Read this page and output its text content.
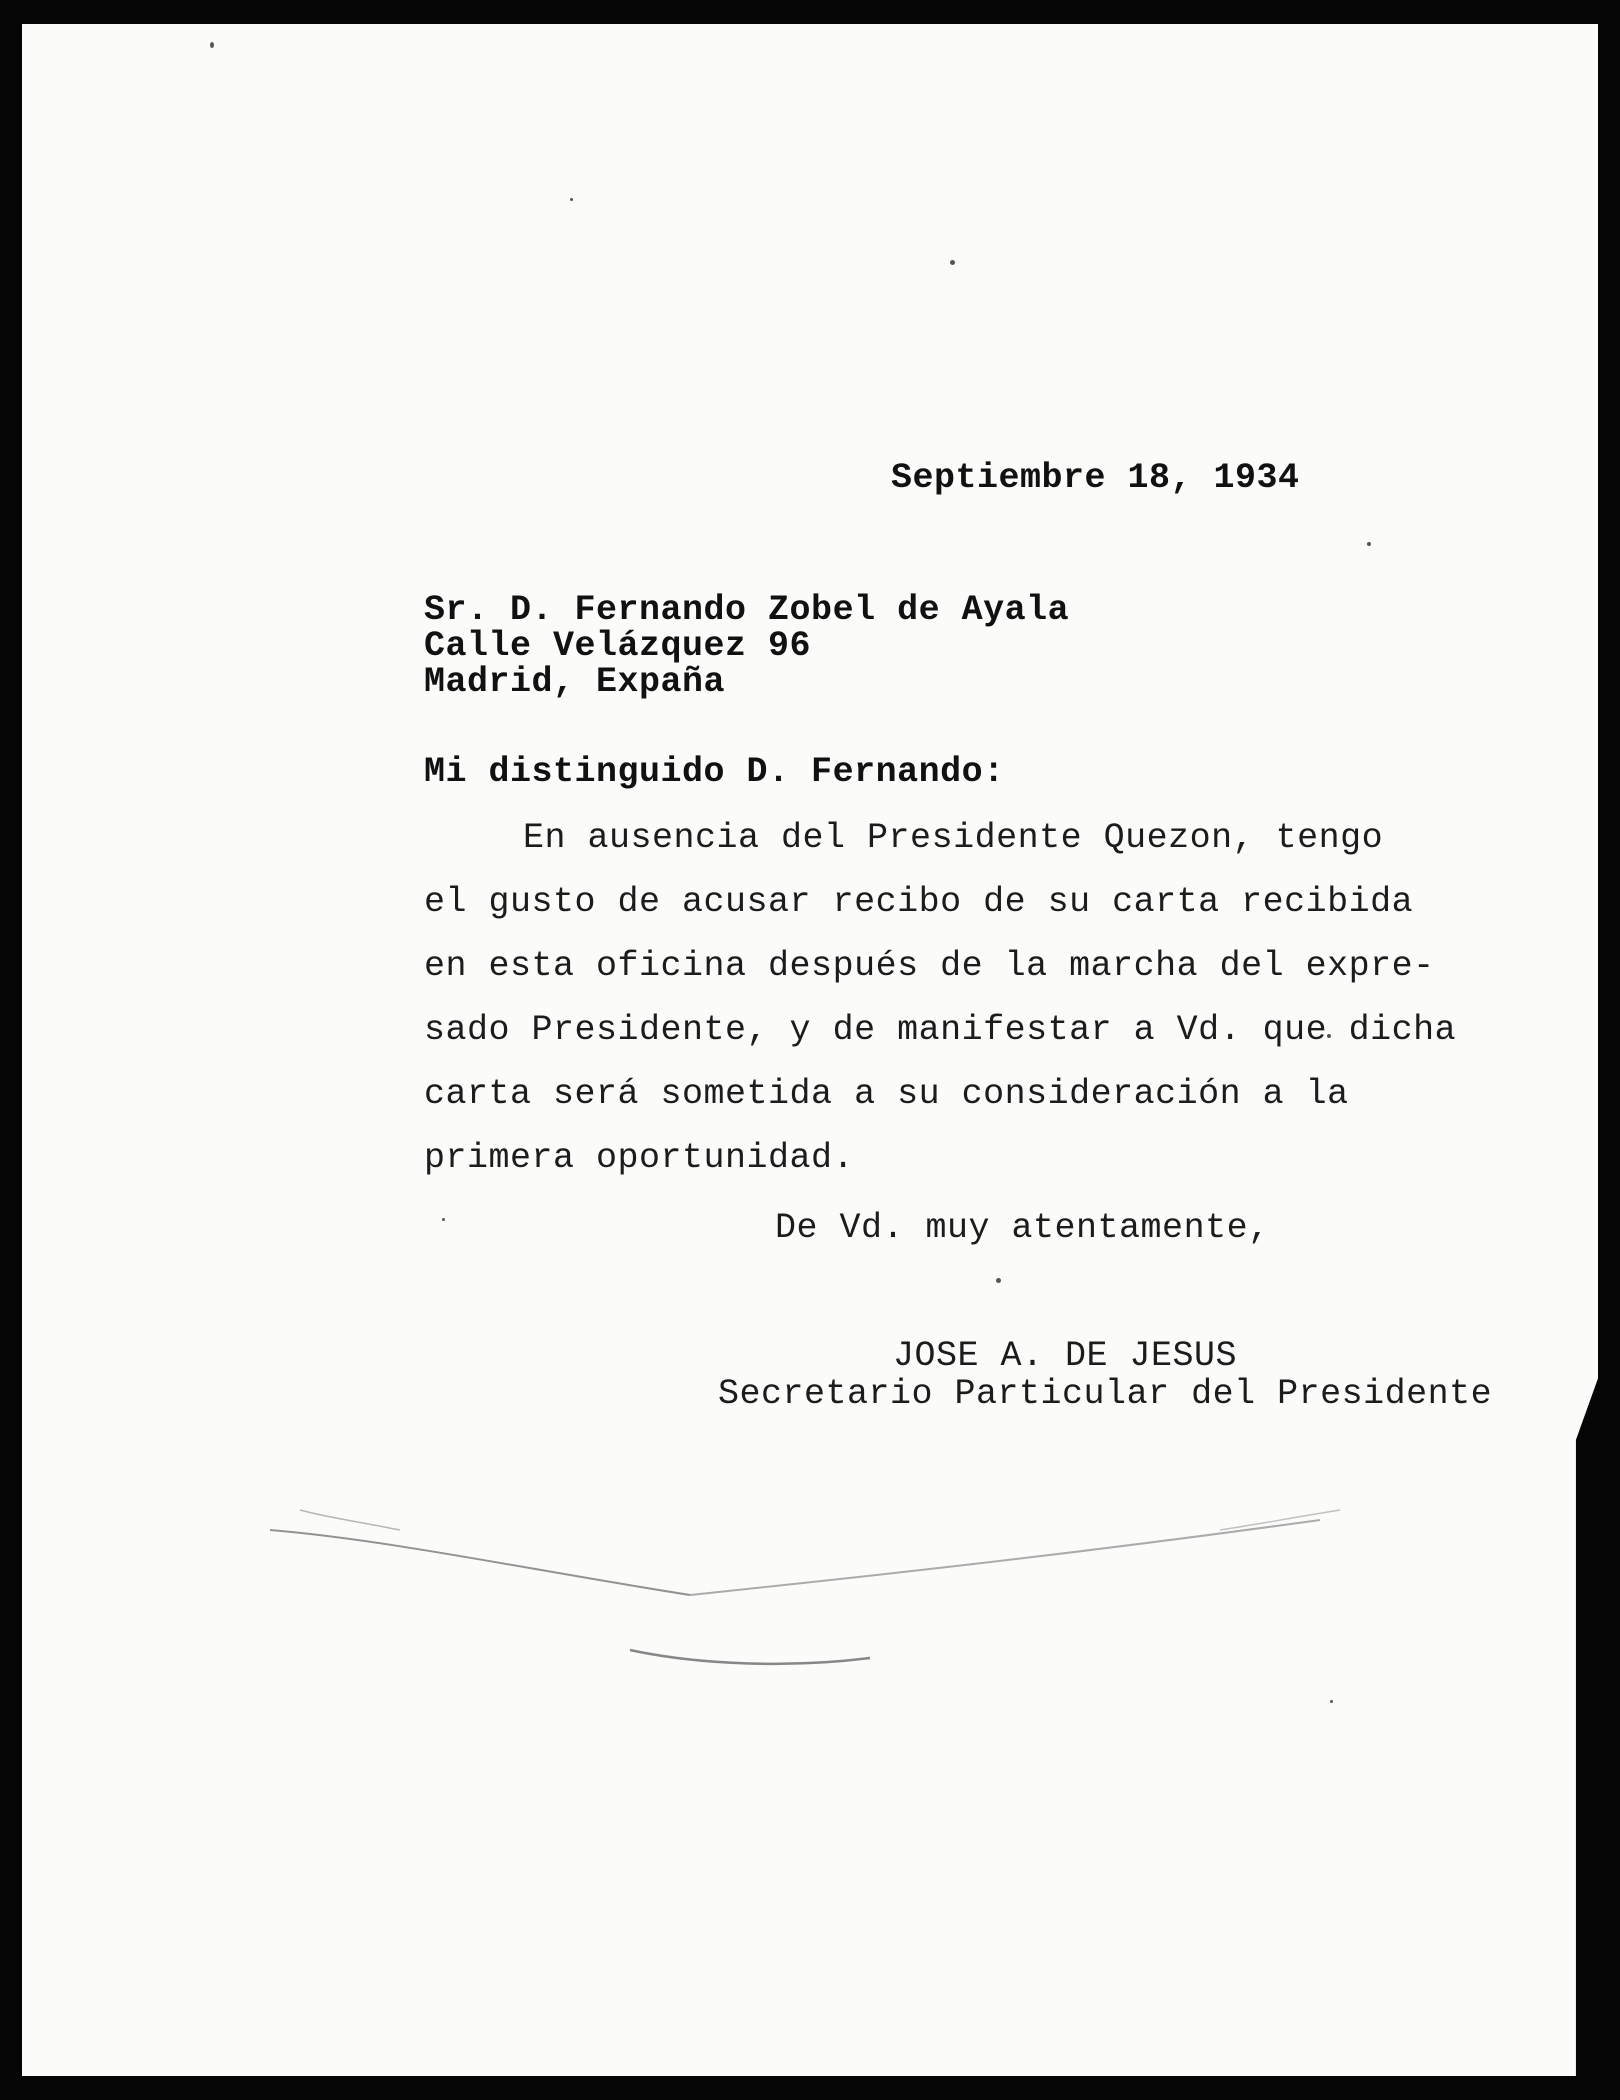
Septiembre 18, 1934
Sr. D. Fernando Zobel de Ayala
Calle Velázquez 96
Madrid, Expaña
Mi distinguido D. Fernando:
En ausencia del Presidente Quezon, tengo
el gusto de acusar recibo de su carta recibida
en esta oficina después de la marcha del expre-
sado Presidente, y de manifestar a Vd. que dicha
carta será sometida a su consideración a la
primera oportunidad.
De Vd. muy atentamente,
JOSE A. DE JESUS
Secretario Particular del Presidente
